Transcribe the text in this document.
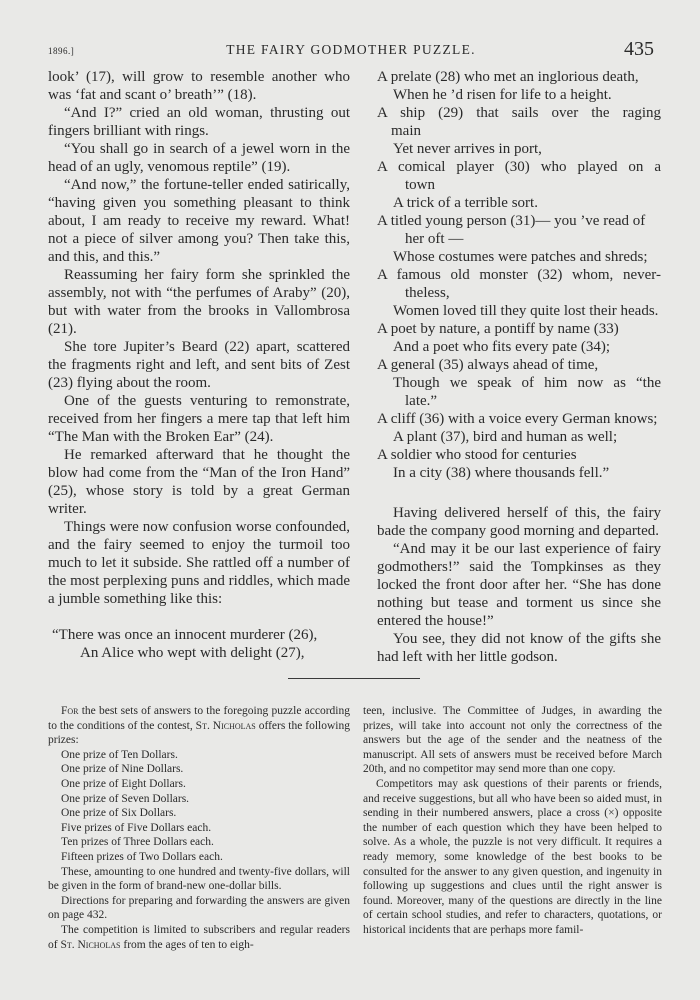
1896.]	THE FAIRY GODMOTHER PUZZLE.	435

look’ (17), will grow to resemble another who was ‘fat and scant o’ breath’” (18).

“And I?” cried an old woman, thrusting out fingers brilliant with rings.

“You shall go in search of a jewel worn in the head of an ugly, venomous reptile” (19).

“And now,” the fortune-teller ended satirically, “having given you something pleasant to think about, I am ready to receive my reward. What! not a piece of silver among you? Then take this, and this, and this.”

Reassuming her fairy form she sprinkled the assembly, not with “the perfumes of Araby” (20), but with water from the brooks in Vallombrosa (21).

She tore Jupiter’s Beard (22) apart, scattered the fragments right and left, and sent bits of Zest (23) flying about the room.

One of the guests venturing to remonstrate, received from her fingers a mere tap that left him “The Man with the Broken Ear” (24).

He remarked afterward that he thought the blow had come from the “Man of the Iron Hand” (25), whose story is told by a great German writer.

Things were now confusion worse confounded, and the fairy seemed to enjoy the turmoil too much to let it subside. She rattled off a number of the most perplexing puns and riddles, which made a jumble something like this:

“There was once an innocent murderer (26),

An Alice who wept with delight (27),

A prelate (28) who met an inglorious death,

When he ’d risen for life to a height.

A ship (29) that sails over the raging

main

Yet never arrives in port,

A comical player (30) who played on a

town

A trick of a terrible sort.

A titled young person (31)— you ’ve read of

her oft —

Whose costumes were patches and shreds;

A famous old monster (32) whom, never-

theless,

Women loved till they quite lost their heads.

A poet by nature, a pontiff by name (33)

And a poet who fits every pate (34);

A general (35) always ahead of time,

Though we speak of him now as “the

late.”

A cliff (36) with a voice every German knows;

A plant (37), bird and human as well;

A soldier who stood for centuries

In a city (38) where thousands fell.”

Having delivered herself of this, the fairy bade the company good morning and departed.

“And may it be our last experience of fairy godmothers!” said the Tompkinses as they locked the front door after her. “She has done nothing but tease and torment us since she entered the house!”

You see, they did not know of the gifts she had left with her little godson.

For the best sets of answers to the foregoing puzzle according to the conditions of the contest, St. Nicholas offers the following prizes:

One prize of Ten Dollars.

One prize of Nine Dollars.

One prize of Eight Dollars.

One prize of Seven Dollars.

One prize of Six Dollars.

Five prizes of Five Dollars each.

Ten prizes of Three Dollars each.

Fifteen prizes of Two Dollars each.

These, amounting to one hundred and twenty-five dollars, will be given in the form of brand-new one-dollar bills.

Directions for preparing and forwarding the answers are given on page 432.

The competition is limited to subscribers and regular readers of St. Nicholas from the ages of ten to eigh-

teen, inclusive. The Committee of Judges, in awarding the prizes, will take into account not only the correctness of the answers but the age of the sender and the neatness of the manuscript. All sets of answers must be received before March 20th, and no competitor may send more than one copy.

Competitors may ask questions of their parents or friends, and receive suggestions, but all who have been so aided must, in sending in their numbered answers, place a cross (×) opposite the number of each question which they have been helped to solve. As a whole, the puzzle is not very difficult. It requires a ready memory, some knowledge of the best books to be consulted for the answer to any given question, and ingenuity in following up suggestions and clues until the right answer is found. Moreover, many of the questions are directly in the line of certain school studies, and refer to characters, quotations, or historical incidents that are perhaps more famil-
